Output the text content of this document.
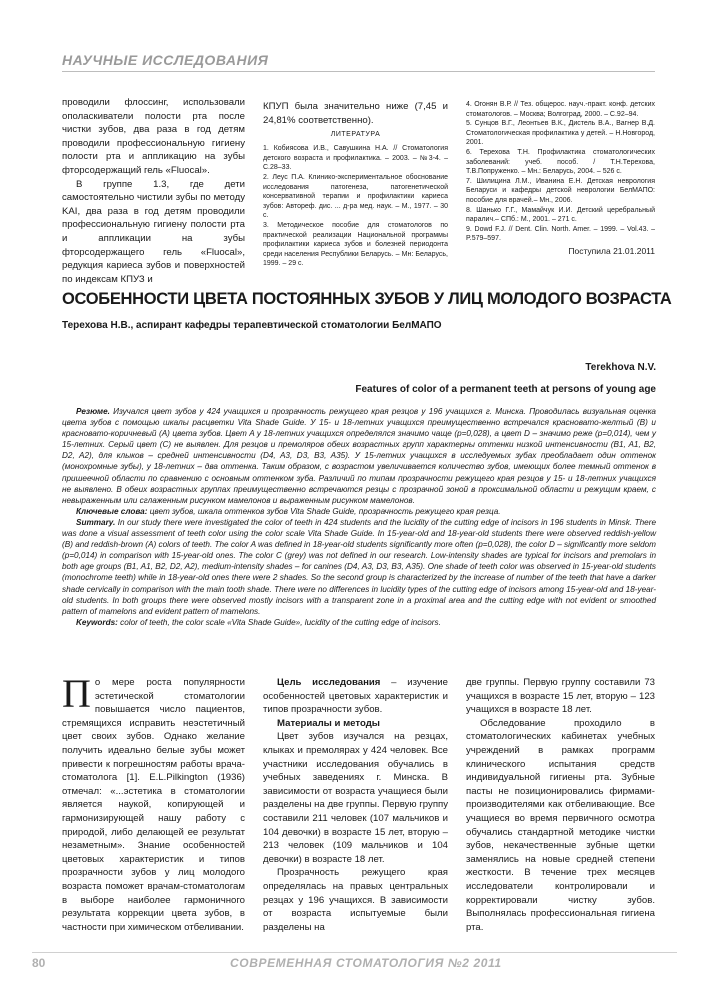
НАУЧНЫЕ ИССЛЕДОВАНИЯ

проводили флоссинг, использовали ополаскиватели полости рта после чистки зубов, два раза в год детям проводили профессиональную гигиену полости рта и аппликацию на зубы фторсодержащий гель «Fluocal».

В группе 1.3, где дети самостоятельно чистили зубы по методу KAI, два раза в год детям проводили профессиональную гигиену полости рта и аппликации на зубы фторсодержащего гель «Fluocal», редукция кариеса зубов и поверхностей по индексам КПУЗ и

КПУП была значительно ниже (7,45 и 24,81% соответственно).

ЛИТЕРАТУРА

1. Кобиясова И.В., Савушкина Н.А. // Стоматология детского возраста и профилактика. – 2003. – №3-4. – С.28–33.

2. Леус П.А. Клинико-экспериментальное обоснование исследования патогенеза, патогенетической консервативной терапии и профилактики кариеса зубов: Автореф. дис. ... д-ра мед. наук. – М., 1977. – 30 с.

3. Методическое пособие для стоматологов по практической реализации Национальной программы профилактики кариеса зубов и болезней периодонта среди населения Республики Беларусь. – Мн: Беларусь, 1999. – 29 с.

4. Огонян В.Р. // Тез. общерос. науч.-практ. конф. детских стоматологов. – Москва; Волгоград, 2000. – С.92–94.

5. Сунцов В.Г., Леонтьев В.К., Дистель В.А., Вагнер В.Д. Стоматологическая профилактика у детей. – Н.Новгород, 2001.

6. Терехова Т.Н. Профилактика стоматологических заболеваний: учеб. пособ. / Т.Н.Терехова, Т.В.Попруженко. – Мн.: Беларусь, 2004. – 526 с.

7. Шилицина Л.М., Иванина Е.Н. Детская неврология Беларуси и кафедры детской неврологии БелМАПО: пособие для врачей.– Мн., 2006.

8. Шанько Г.Г., Мамайчук И.И. Детский церебральный паралич.– СПб.: М., 2001. – 271 с.

9. Dowd F.J. // Dent. Clin. North. Amer. – 1999. – Vol.43. – P.579–597.

Поступила 21.01.2011
ОСОБЕННОСТИ ЦВЕТА ПОСТОЯННЫХ ЗУБОВ У ЛИЦ МОЛОДОГО ВОЗРАСТА
Терехова Н.В., аспирант кафедры терапевтической стоматологии БелМАПО
Terekhova N.V.
Features of color of a permanent teeth at persons of young age

Резюме. Изучался цвет зубов у 424 учащихся и прозрачность режущего края резцов у 196 учащихся г. Минска. Проводилась визуальная оценка цвета зубов с помощью шкалы расцветки Vita Shade Guide. У 15- и 18-летних учащихся преимущественно встречался красновато-желтый (B) и красновато-коричневый (A) цвета зубов. Цвет A у 18-летних учащихся определялся значимо чаще (p=0,028), а цвет D – значимо реже (p=0,014), чем у 15-летних. Серый цвет (C) не выявлен. Для резцов и премоляров обеих возрастных групп характерны оттенки низкой интенсивности (B1, A1, B2, D2, A2), для клыков – средней интенсивности (D4, A3, D3, B3, A35). У 15-летних учащихся в исследуемых зубах преобладает один оттенок (монохромные зубы), у 18-летних – два оттенка. Таким образом, с возрастом увеличивается количество зубов, имеющих более темный оттенок в пришеечной области по сравнению с основным оттенком зуба. Различий по типам прозрачности режущего края резцов у 15- и 18-летних учащихся не выявлено. В обеих возрастных группах преимущественно встречаются резцы с прозрачной зоной в проксимальной области и режущим краем, с невыраженным или сглаженным рисунком мамелонов и выраженным рисунком мамелонов.

Ключевые слова: цвет зубов, шкала оттенков зубов Vita Shade Guide, прозрачность режущего края резца.

Summary. In our study there were investigated the color of teeth in 424 students and the lucidity of the cutting edge of incisors in 196 students in Minsk. There was done a visual assessment of teeth color using the color scale Vita Shade Guide. In 15-year-old and 18-year-old students there were observed reddish-yellow (B) and reddish-brown (A) colors of teeth. The color A was defined in 18-year-old students significantly more often (p=0,028), the color D – significantly more seldom (p=0,014) in comparison with 15-year-old ones. The color C (grey) was not defined in our research. Low-intensity shades are typical for incisors and premolars in both age groups (B1, A1, B2, D2, A2), medium-intensity shades – for canines (D4, A3, D3, B3, A35). One shade of teeth color was observed in 15-year-old students (monochrome teeth) while in 18-year-old ones there were 2 shades. So the second group is characterized by the increase of number of the teeth that have a darker shade cervically in comparison with the main tooth shade. There were no differences in lucidity types of the cutting edge of incisors among 15-year-old and 18-year-old students. In both groups there were observed mostly incisors with a transparent zone in a proximal area and the cutting edge with not evident or smoothed pattern of mamelons and evident pattern of mamelons.

Keywords: color of teeth, the color scale «Vita Shade Guide», lucidity of the cutting edge of incisors.

По мере роста популярности эстетической стоматологии повышается число пациентов, стремящихся исправить неэстетичный цвет своих зубов. Однако желание получить идеально белые зубы может привести к погрешностям работы врача-стоматолога [1]. E.L.Pilkington (1936) отмечал: «...эстетика в стоматологии является наукой, копирующей и гармонизирующей нашу работу с природой, либо делающей ее результат незаметным». Знание особенностей цветовых характеристик и типов прозрачности зубов у лиц молодого возраста поможет врачам-стоматологам в выборе наиболее гармоничного результата коррекции цвета зубов, в частности при химическом отбеливании.

Цель исследования – изучение особенностей цветовых характеристик и типов прозрачности зубов.

Материалы и методы

Цвет зубов изучался на резцах, клыках и премолярах у 424 человек. Все участники исследования обучались в учебных заведениях г. Минска. В зависимости от возраста учащиеся были разделены на две группы. Первую группу составили 211 человек (107 мальчиков и 104 девочки) в возрасте 15 лет, вторую – 213 человек (109 мальчиков и 104 девочки) в возрасте 18 лет.

Прозрачность режущего края определялась на правых центральных резцах у 196 учащихся. В зависимости от возраста испытуемые были разделены на

две группы. Первую группу составили 73 учащихся в возрасте 15 лет, вторую – 123 учащихся в возрасте 18 лет.

Обследование проходило в стоматологических кабинетах учебных учреждений в рамках программ клинического испытания средств индивидуальной гигиены рта. Зубные пасты не позиционировались фирмами-производителями как отбеливающие. Все учащиеся во время первичного осмотра обучались стандартной методике чистки зубов, некачественные зубные щетки заменялись на новые средней степени жесткости. В течение трех месяцев исследователи контролировали и корректировали чистку зубов. Выполнялась профессиональная гигиена рта.

80	СОВРЕМЕННАЯ СТОМАТОЛОГИЯ №2 2011
